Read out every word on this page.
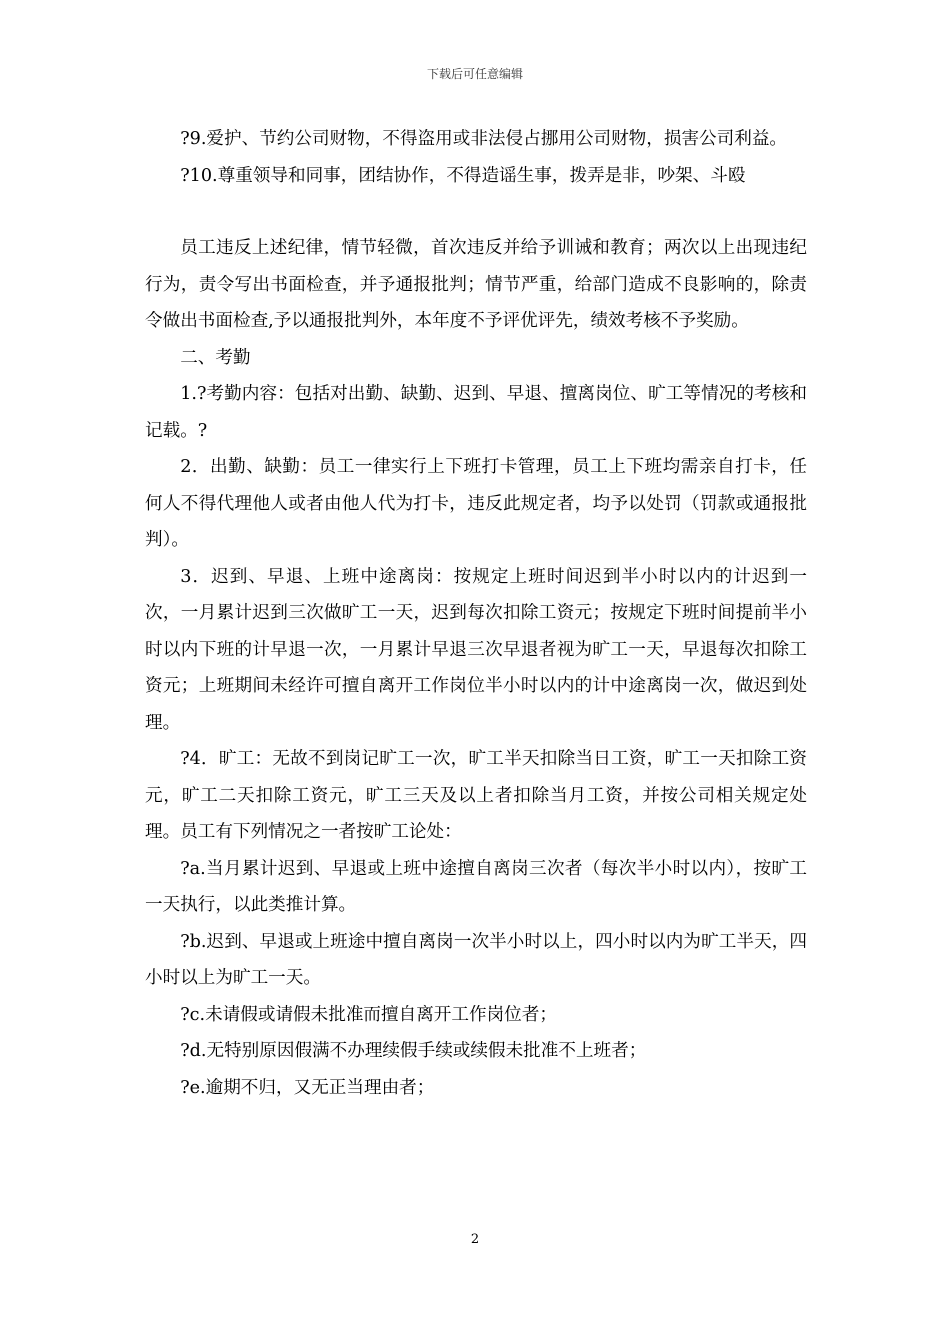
下载后可任意编辑

?9.爱护、节约公司财物，不得盗用或非法侵占挪用公司财物，损害公司利益。

?10.尊重领导和同事，团结协作，不得造谣生事，拨弄是非，吵架、斗殴

员工违反上述纪律，情节轻微，首次违反并给予训诫和教育；两次以上出现违纪行为，责令写出书面检查，并予通报批判；情节严重，给部门造成不良影响的，除责令做出书面检查,予以通报批判外，本年度不予评优评先，绩效考核不予奖励。

二、考勤

1.?考勤内容：包括对出勤、缺勤、迟到、早退、擅离岗位、旷工等情况的考核和记载。?

2．出勤、缺勤：员工一律实行上下班打卡管理，员工上下班均需亲自打卡，任何人不得代理他人或者由他人代为打卡，违反此规定者，均予以处罚（罚款或通报批判）。

3．迟到、早退、上班中途离岗：按规定上班时间迟到半小时以内的计迟到一次，一月累计迟到三次做旷工一天，迟到每次扣除工资元；按规定下班时间提前半小时以内下班的计早退一次，一月累计早退三次早退者视为旷工一天，早退每次扣除工资元；上班期间未经许可擅自离开工作岗位半小时以内的计中途离岗一次，做迟到处理。

?4．旷工：无故不到岗记旷工一次，旷工半天扣除当日工资，旷工一天扣除工资元，旷工二天扣除工资元，旷工三天及以上者扣除当月工资，并按公司相关规定处理。员工有下列情况之一者按旷工论处：

?a.当月累计迟到、早退或上班中途擅自离岗三次者（每次半小时以内），按旷工一天执行，以此类推计算。

?b.迟到、早退或上班途中擅自离岗一次半小时以上，四小时以内为旷工半天，四小时以上为旷工一天。

?c.未请假或请假未批准而擅自离开工作岗位者；

?d.无特别原因假满不办理续假手续或续假未批准不上班者；

?e.逾期不归，又无正当理由者；

2
